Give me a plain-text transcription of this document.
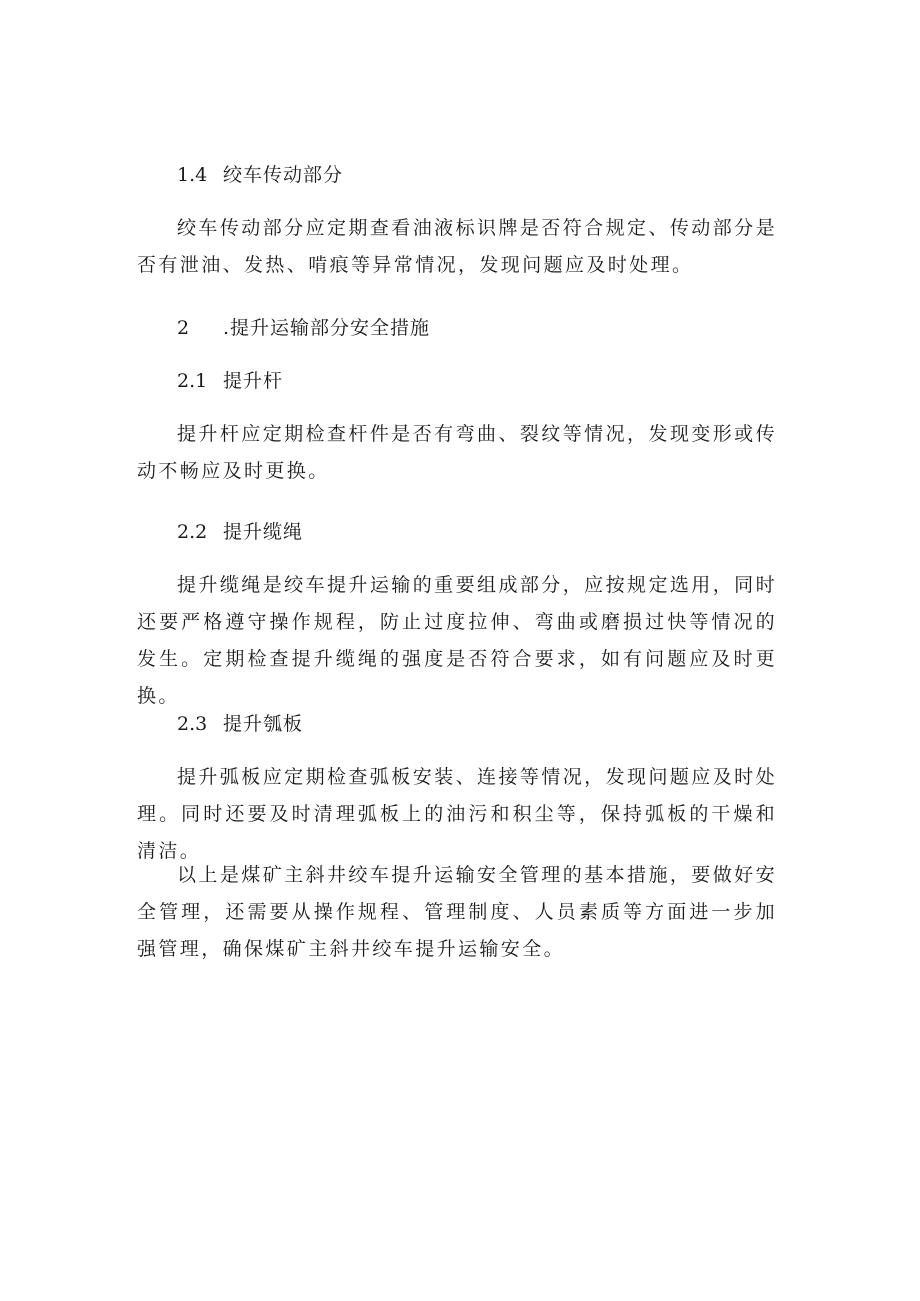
1.4 绞车传动部分
绞车传动部分应定期查看油液标识牌是否符合规定、传动部分是否有泄油、发热、啃痕等异常情况，发现问题应及时处理。
2 .提升运输部分安全措施
2.1 提升杆
提升杆应定期检查杆件是否有弯曲、裂纹等情况，发现变形或传动不畅应及时更换。
2.2 提升缆绳
提升缆绳是绞车提升运输的重要组成部分，应按规定选用，同时还要严格遵守操作规程，防止过度拉伸、弯曲或磨损过快等情况的发生。定期检查提升缆绳的强度是否符合要求，如有问题应及时更换。
2.3 提升瓠板
提升弧板应定期检查弧板安装、连接等情况，发现问题应及时处理。同时还要及时清理弧板上的油污和积尘等，保持弧板的干燥和清洁。
以上是煤矿主斜井绞车提升运输安全管理的基本措施，要做好安全管理，还需要从操作规程、管理制度、人员素质等方面进一步加强管理，确保煤矿主斜井绞车提升运输安全。
